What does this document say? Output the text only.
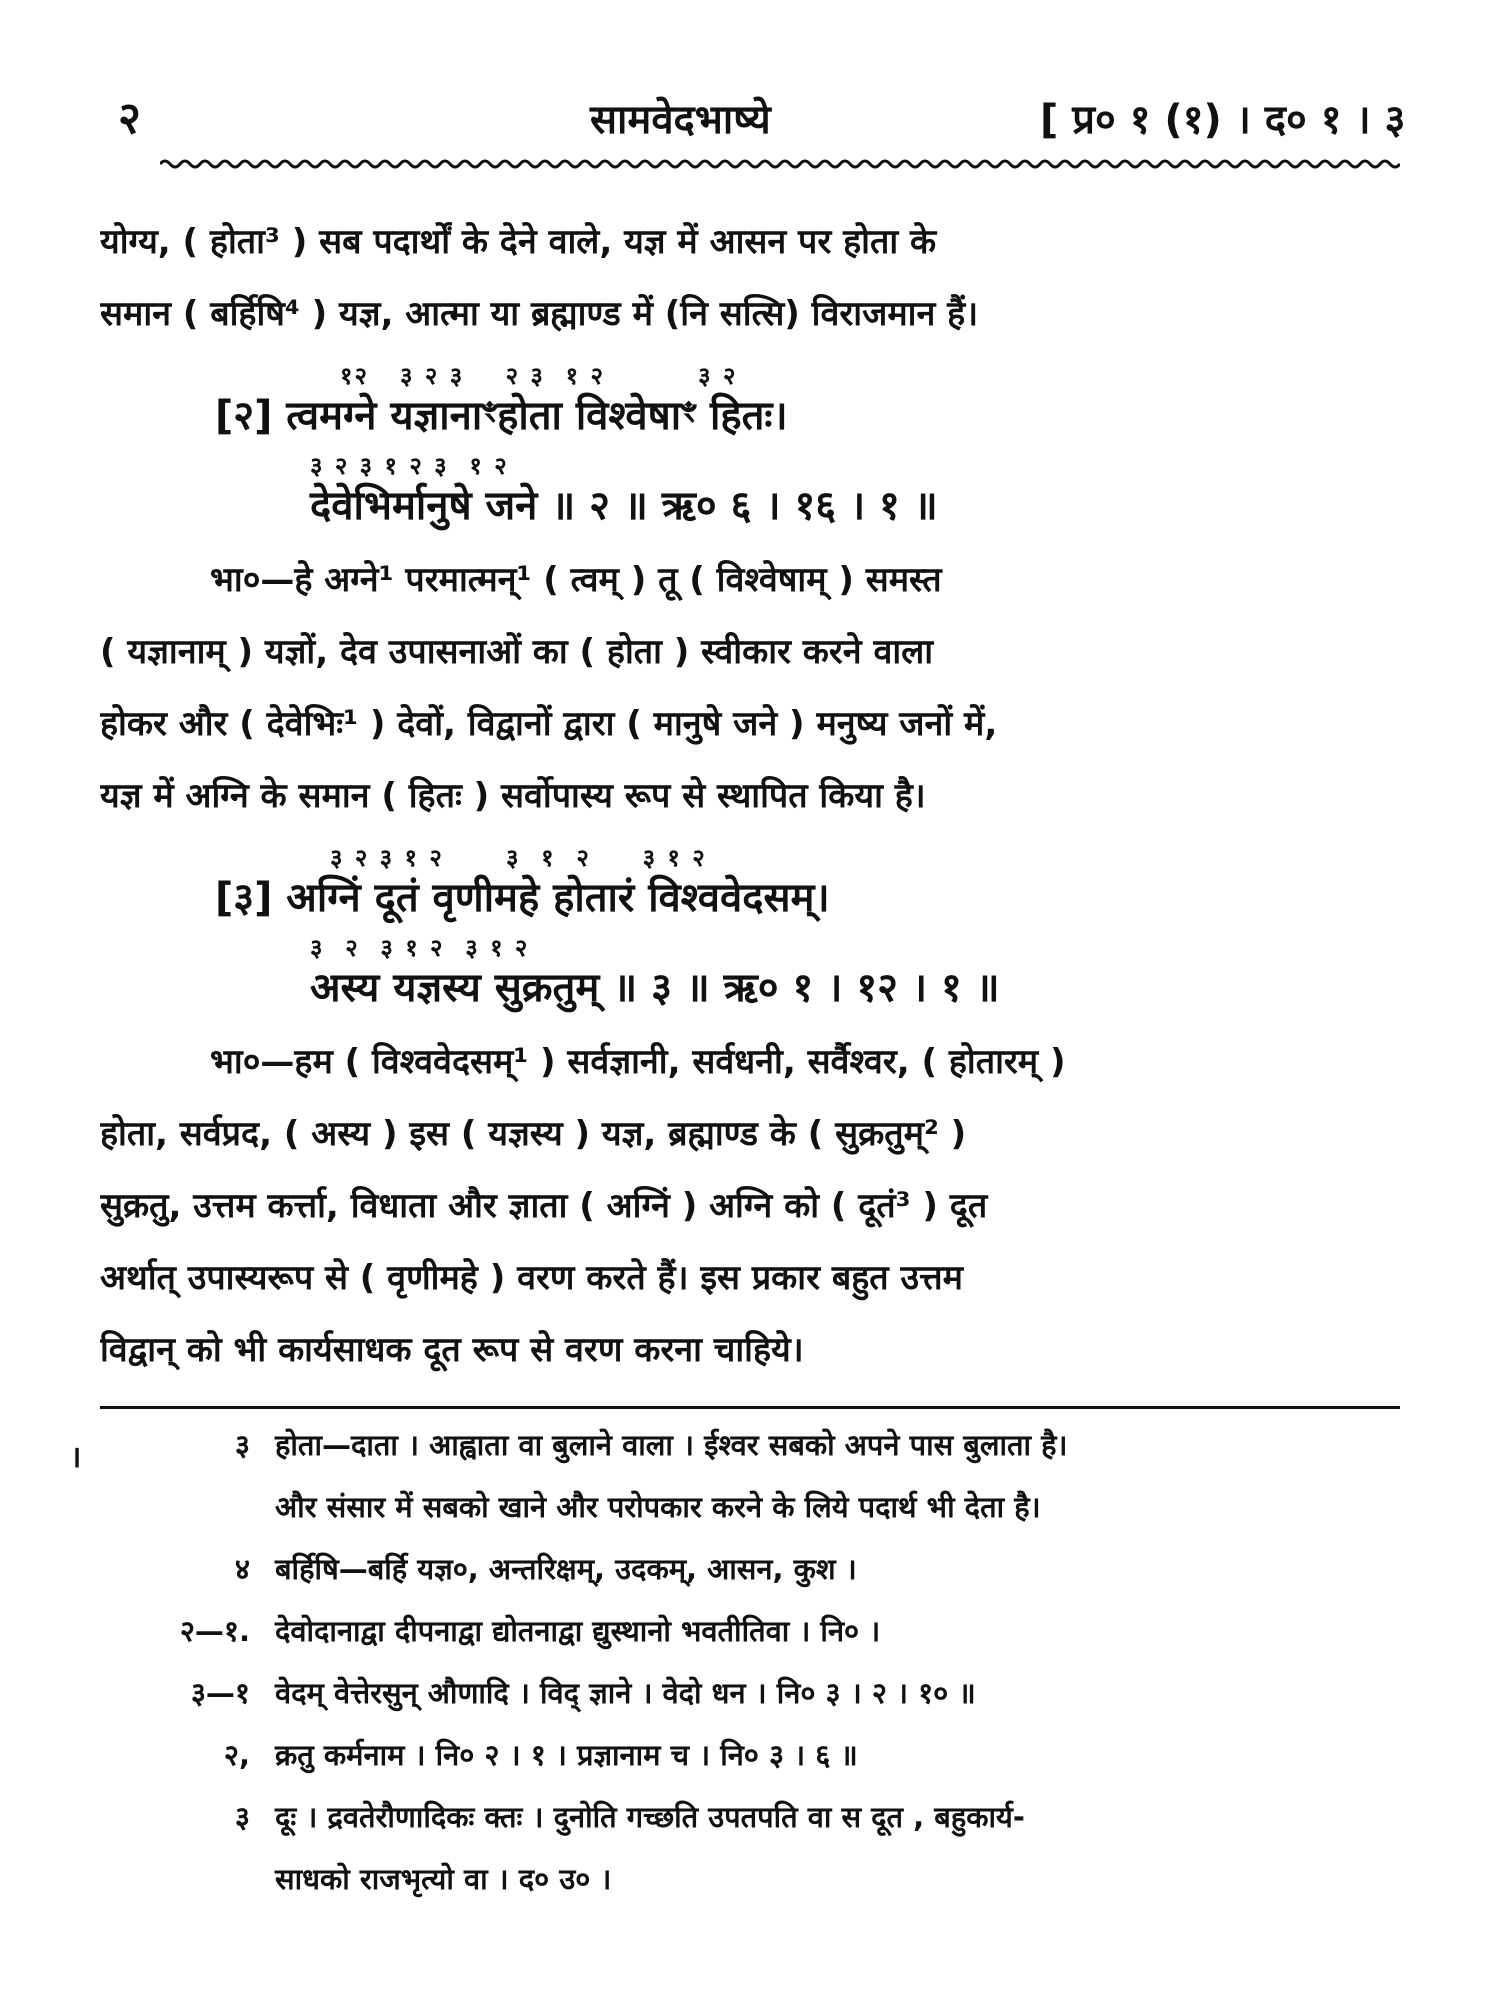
२	सामवेदभाष्ये	[ प्र० १ (१) । द० १ । ३

योग्य, ( होता³ ) सब पदार्थों के देने वाले, यज्ञ में आसन पर होता के
समान ( बर्हिषि⁴ ) यज्ञ, आत्मा या ब्रह्माण्ड में (नि सत्सि) विराजमान हैं।

१२   ३ २ ३    २ ३  १ २         ३ २
[२] त्वमग्ने यज्ञानाꣳहोता विश्वेषाꣳ हितः।
३ २ ३ १ २ ३  १ २
देवेभिर्मानुषे जने ॥ २ ॥ ऋ० ६ । १६ । १ ॥

भा०—हे अग्ने¹ परमात्मन्¹ ( त्वम् ) तू ( विश्वेषाम् ) समस्त
( यज्ञानाम् ) यज्ञों, देव उपासनाओं का ( होता ) स्वीकार करने वाला
होकर और ( देवेभिः¹ ) देवों, विद्वानों द्वारा ( मानुषे जने ) मनुष्य जनों में,
यज्ञ में अग्नि के समान ( हितः ) सर्वोपास्य रूप से स्थापित किया है।

३ २ ३ १ २      ३  १  २     ३ १ २
[३] अग्निं दूतं वृणीमहे होतारं विश्ववेदसम्।
३  २  ३ १ २  ३ १ २
अस्य यज्ञस्य सुक्रतुम् ॥ ३ ॥ ऋ० १ । १२ । १ ॥

भा०—हम ( विश्ववेदसम्¹ ) सर्वज्ञानी, सर्वधनी, सर्वैश्वर, ( होतारम् )
होता, सर्वप्रद, ( अस्य ) इस ( यज्ञस्य ) यज्ञ, ब्रह्माण्ड के ( सुक्रतुम्² )
सुक्रतु, उत्तम कर्त्ता, विधाता और ज्ञाता ( अग्निं ) अग्नि को ( दूतं³ ) दूत
अर्थात् उपास्यरूप से ( वृणीमहे ) वरण करते हैं। इस प्रकार बहुत उत्तम
विद्वान् को भी कार्यसाधक दूत रूप से वरण करना चाहिये।

।	३ होता—दाता । आह्वाता वा बुलाने वाला । ईश्वर सबको अपने पास बुलाता है।
और संसार में सबको खाने और परोपकार करने के लिये पदार्थ भी देता है।
४ बर्हिषि—बर्हि यज्ञ०, अन्तरिक्षम्, उदकम्, आसन, कुश ।
२—१. देवोदानाद्वा दीपनाद्वा द्योतनाद्वा द्युस्थानो भवतीतिवा । नि० ।
३—१ वेदम् वेत्तेरसुन् औणादि । विद् ज्ञाने । वेदो धन । नि० ३ । २ । १० ॥
२, क्रतु कर्मनाम । नि० २ । १ । प्रज्ञानाम च । नि० ३ । ६ ॥
३ दूः । द्रवतेरौणादिकः क्तः । दुनोति गच्छति उपतपति वा स दूत , बहुकार्य-
साधको राजभृत्यो वा । द० उ० ।
